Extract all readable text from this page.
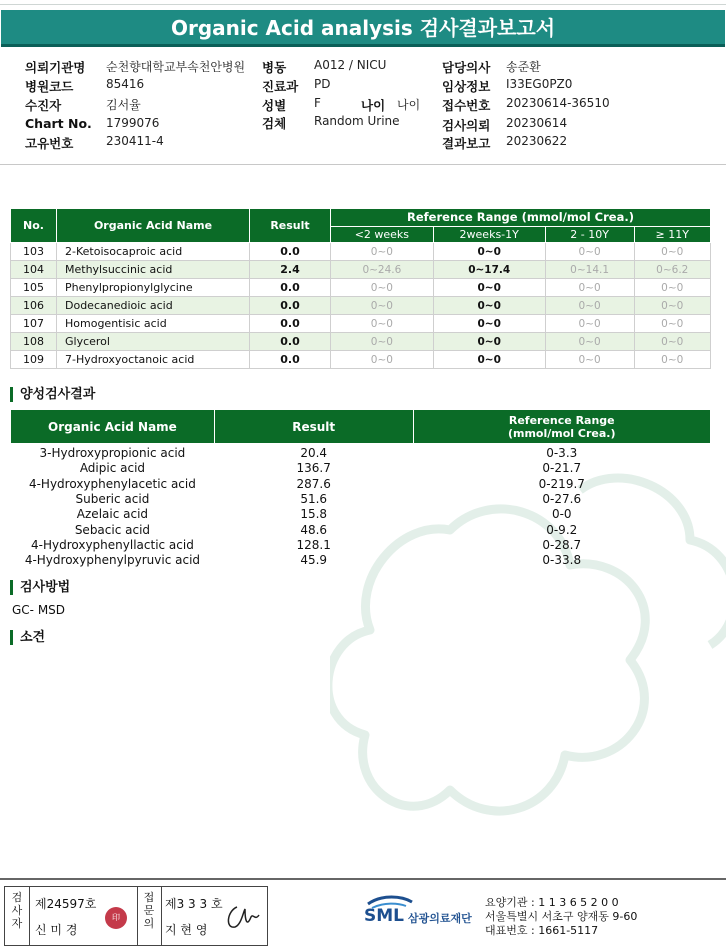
Organic Acid analysis 검사결과보고서
의뢰기관명 순천향대학교부속천안병원
병원코드	85416
수진자	김서율
Chart No. 1799076
고유번호	230411-4
병동 A012 / NICU
진료과 PD
성별 F	나이 나이
검체 Random Urine
담당의사 송준환
임상정보 I33EG0PZ0
접수번호 20230614-36510
검사의뢰 20230614
결과보고 20230622
No.	Organic Acid Name	Result	Reference Range (mmol/mol Crea.)			
			<2 weeks	2weeks-1Y	2 - 10Y	≥ 11Y
103	2-Ketoisocaproic acid	0.0	0~0	0~0	0~0	0~0
104	Methylsuccinic acid	2.4	0~24.6	0~17.4	0~14.1	0~6.2
105	Phenylpropionylglycine	0.0	0~0	0~0	0~0	0~0
106	Dodecanedioic acid	0.0	0~0	0~0	0~0	0~0
107	Homogentisic acid	0.0	0~0	0~0	0~0	0~0
108	Glycerol	0.0	0~0	0~0	0~0	0~0
109	7-Hydroxyoctanoic acid	0.0	0~0	0~0	0~0	0~0
양성검사결과
Organic Acid Name	Result	Reference Range
(mmol/mol Crea.)

3-Hydroxypropionic acid	20.4	0-3.3
Adipic acid	136.7	0-21.7
4-Hydroxyphenylacetic acid	287.6	0-219.7
Suberic acid	51.6	0-27.6
Azelaic acid	15.8	0-0
Sebacic acid	48.6	0-9.2
4-Hydroxyphenyllactic acid	128.1	0-28.7
4-Hydroxyphenylpyruvic acid	45.9	0-33.8
검사방법
GC- MSD
소견
검사자
제24597호
신 미 경
印
접문의
제3 3 3 호
지 현 영
SML 삼광의료재단
요양기관 : 1 1 3 6 5 2 0 0
서울특별시 서초구 양재동 9-60
대표번호 : 1661-5117
